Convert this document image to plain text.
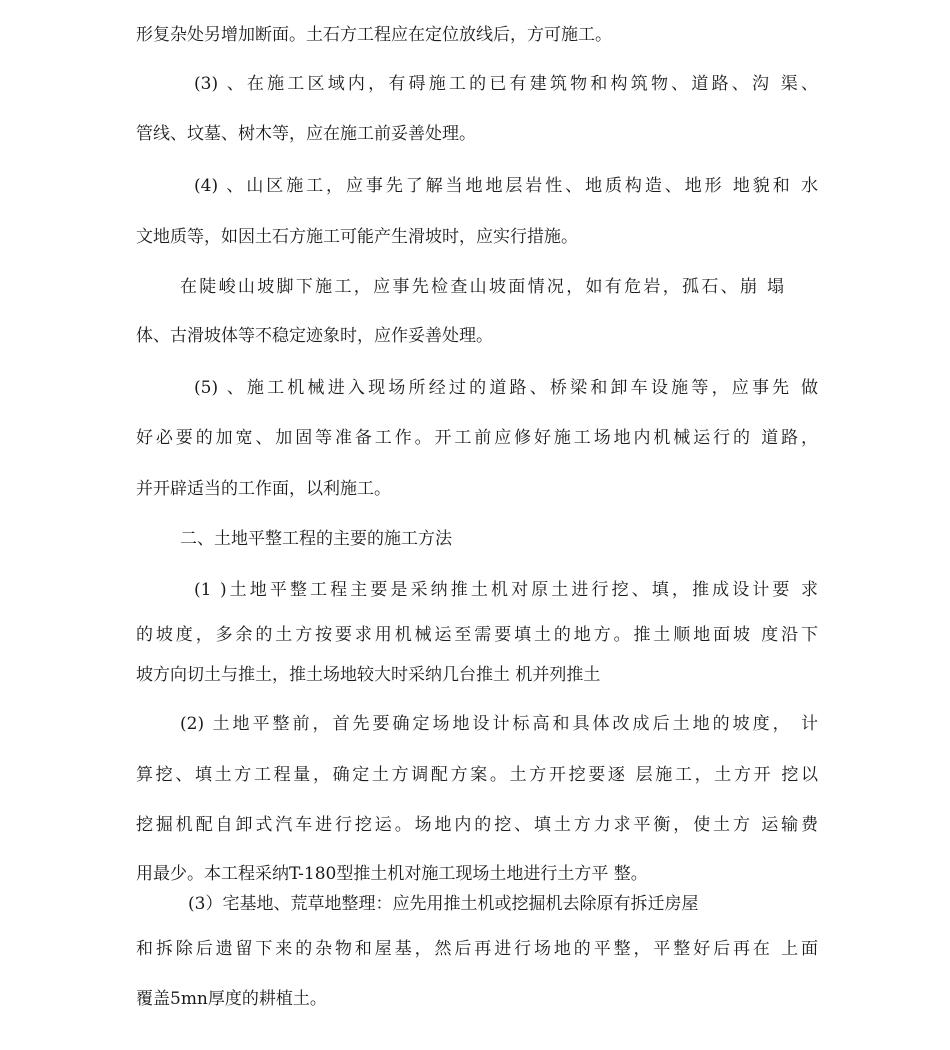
形复杂处另增加断面。土石方工程应在定位放线后，方可施工。
(3) 、在施工区域内，有碍施工的已有建筑物和构筑物、道路、沟 渠、
管线、坟墓、树木等，应在施工前妥善处理。
(4) 、山区施工，应事先了解当地地层岩性、地质构造、地形 地貌和 水
文地质等，如因土石方施工可能产生滑坡时，应实行措施。
在陡峻山坡脚下施工，应事先检查山坡面情况，如有危岩，孤石、崩 塌
体、古滑坡体等不稳定迹象时，应作妥善处理。
(5) 、施工机械进入现场所经过的道路、桥梁和卸车设施等，应事先 做
好必要的加宽、加固等准备工作。开工前应修好施工场地内机械运行的 道路，
并开辟适当的工作面，以利施工。
二、土地平整工程的主要的施工方法
(1 )土地平整工程主要是采纳推土机对原土进行挖、填，推成设计要 求
的坡度，多余的土方按要求用机械运至需要填土的地方。推土顺地面坡 度沿下
坡方向切土与推土，推土场地较大时采纳几台推土 机并列推土
(2) 土地平整前，首先要确定场地设计标高和具体改成后土地的坡度， 计
算挖、填土方工程量，确定土方调配方案。土方开挖要逐 层施工，土方开 挖以
挖掘机配自卸式汽车进行挖运。场地内的挖、填土方力求平衡，使土方 运输费
用最少。本工程采纳T-180型推土机对施工现场土地进行土方平 整。
(3）宅基地、荒草地整理：应先用推土机或挖掘机去除原有拆迁房屋
和拆除后遗留下来的杂物和屋基，然后再进行场地的平整，平整好后再在 上面
覆盖5mn厚度的耕植土。
